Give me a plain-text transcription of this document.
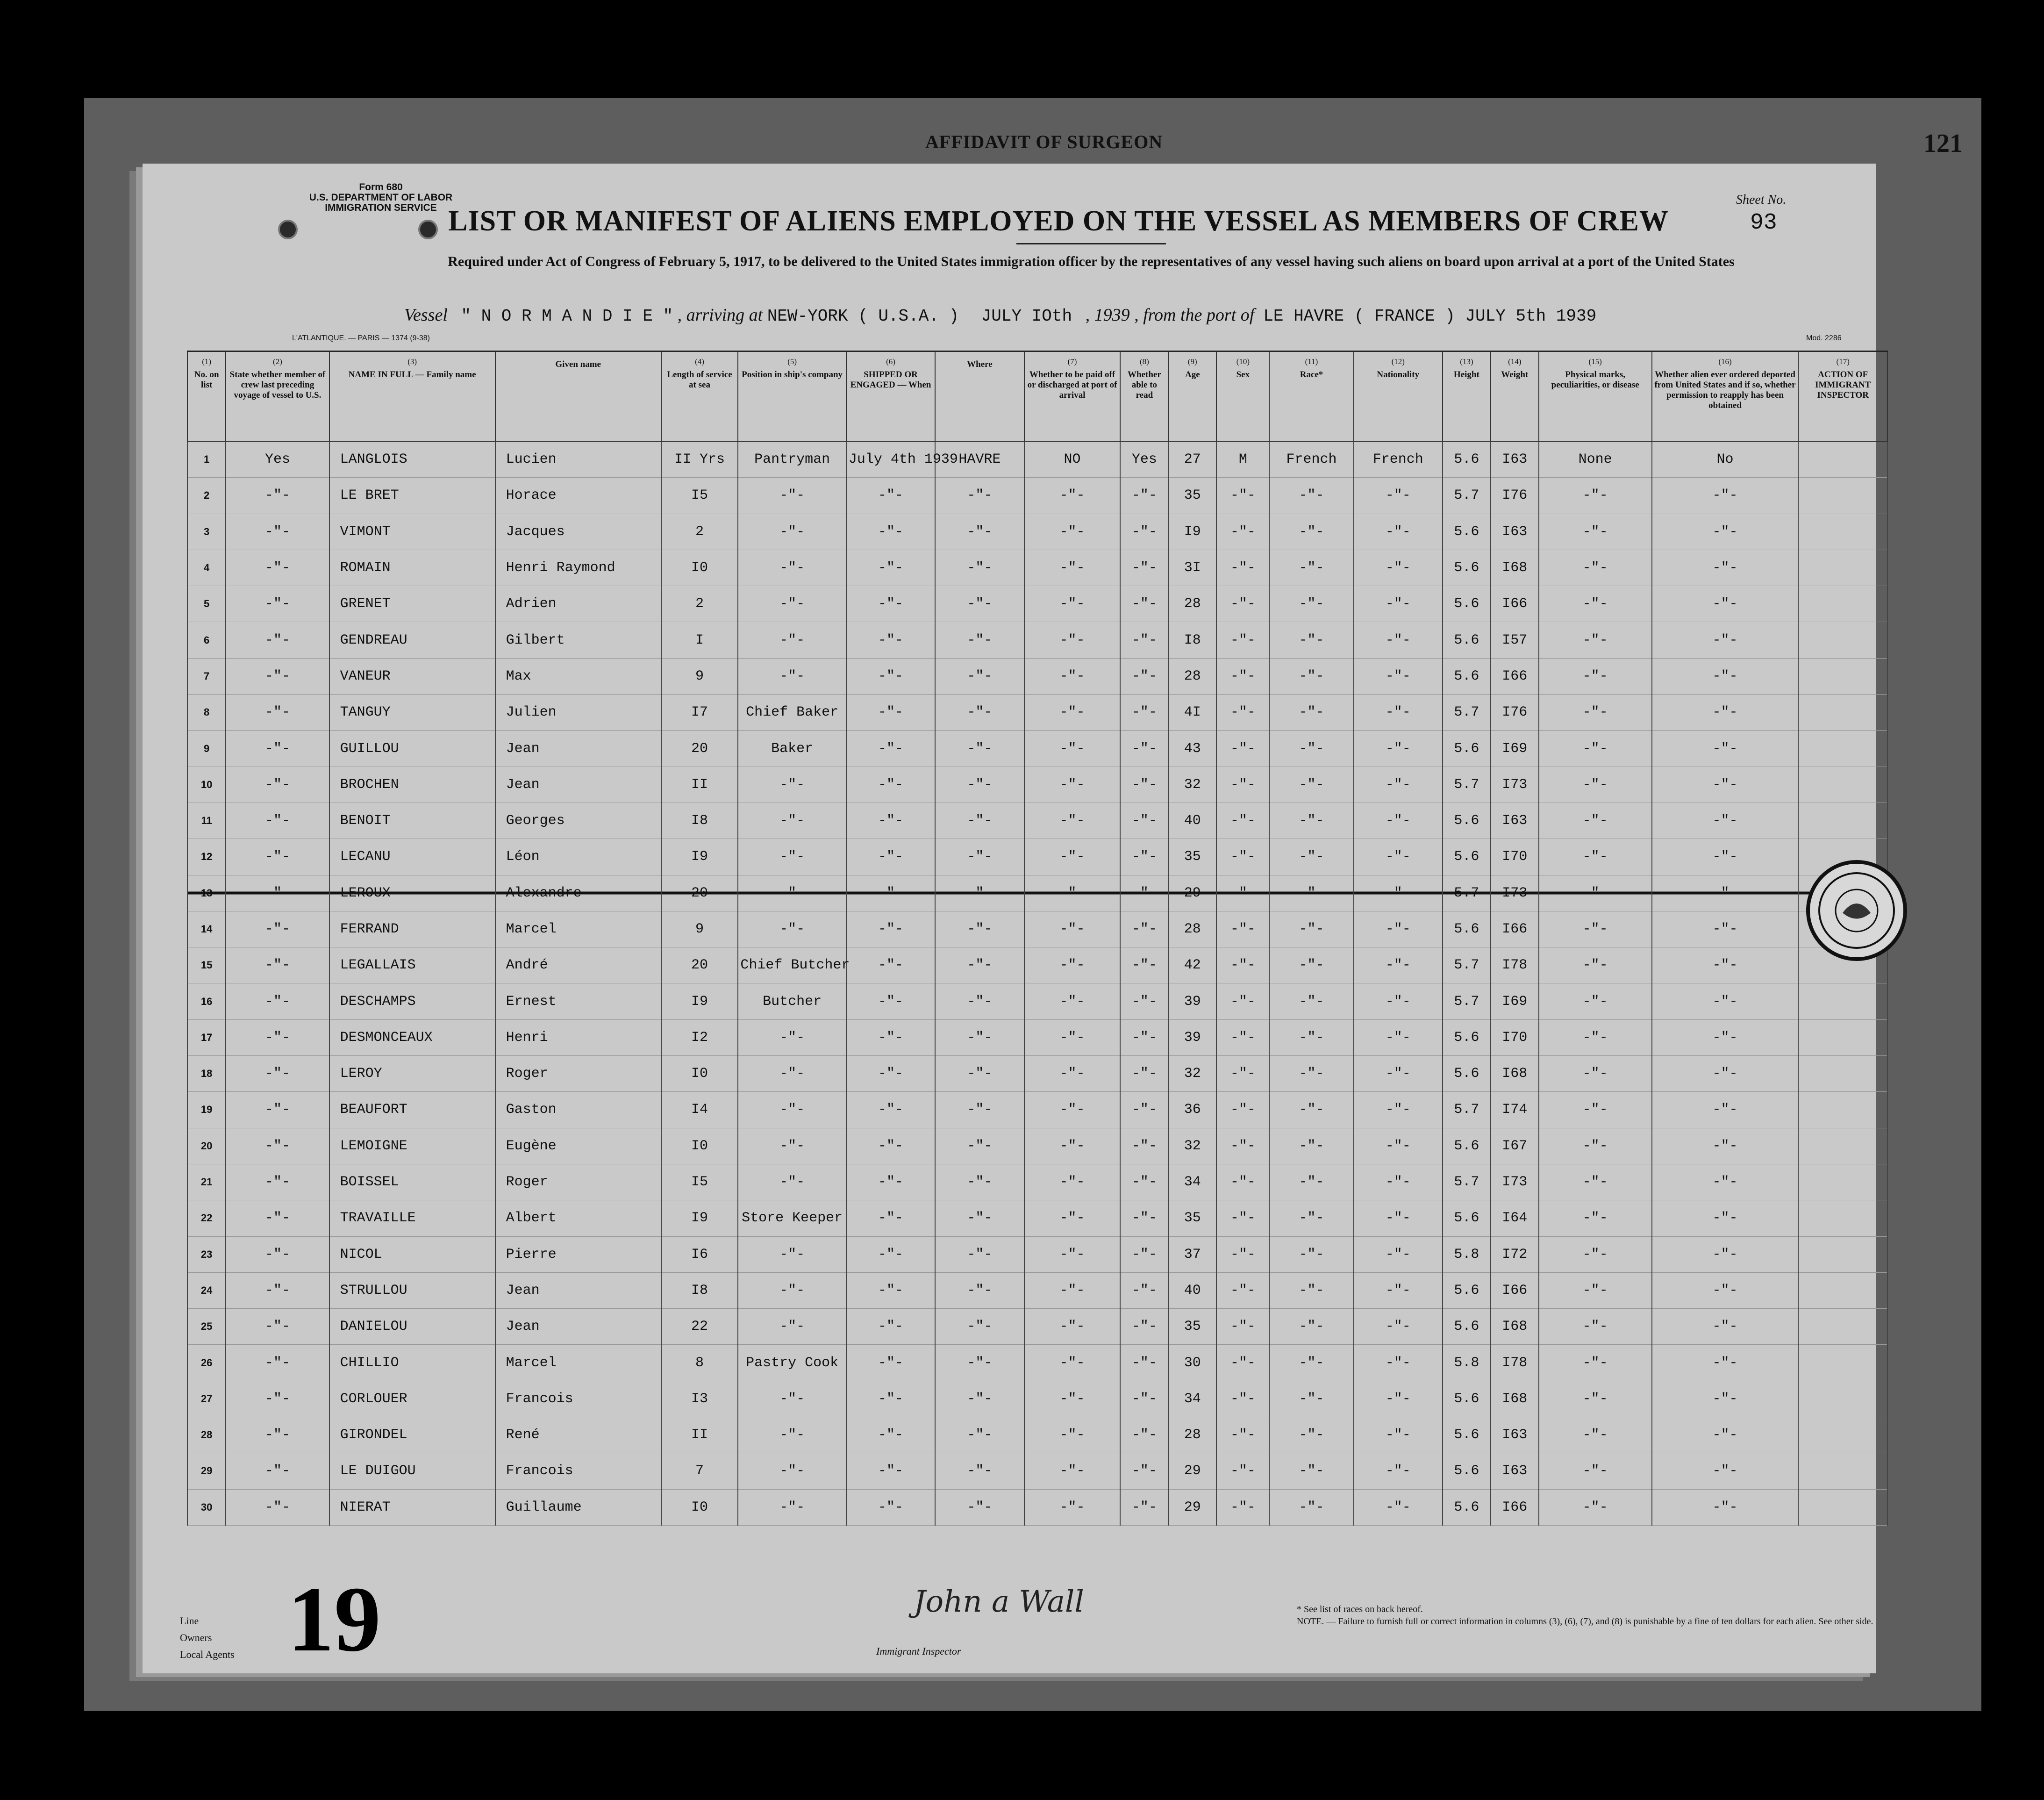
AFFIDAVIT OF SURGEON	121
Form 680
U.S. DEPARTMENT OF LABOR
IMMIGRATION SERVICE LIST OR MANIFEST OF ALIENS EMPLOYED ON THE VESSEL AS MEMBERS OF CREW
Sheet No.
93
Required under Act of Congress of February 5, 1917, to be delivered to the United States immigration officer by the representatives of any vessel having such aliens on board upon arrival at a port of the United States
Vessel " N O R M A N D I E " , arriving at NEW-YORK ( U.S.A. ) JULY IOth , 1939 , from the port of LE HAVRE ( FRANCE ) JULY 5th 1939
L'ATLANTIQUE. — PARIS — 1374 (9-38)	Mod. 2286
(1)
No. on list	(2)
State whether member of crew last preceding voyage of vessel to U.S.	(3)
NAME IN FULL — Family name	Given name	(4)
Length of service at sea	(5)
Position in ship's company	(6)
SHIPPED OR ENGAGED — When	Where	(7)
Whether to be paid off or discharged at port of arrival	(8)
Whether able to read	(9)
Age	(10)
Sex	(11)
Race*	(12)
Nationality	(13)
Height	(14)
Weight	(15)
Physical marks, peculiarities, or disease	(16)
Whether alien ever ordered deported from United States and if so, whether permission to reapply has been obtained	(17)
ACTION OF IMMIGRANT INSPECTOR
1	Yes	LANGLOIS	Lucien	II Yrs	Pantryman	July 4th 1939	HAVRE	NO	Yes	27	M	French	French	5.6	I63	None	No	
2	-"-	LE BRET	Horace	I5	-"-	-"-	-"-	-"-	-"-	35	-"-	-"-	-"-	5.7	I76	-"-	-"-	
3	-"-	VIMONT	Jacques	2	-"-	-"-	-"-	-"-	-"-	I9	-"-	-"-	-"-	5.6	I63	-"-	-"-	
4	-"-	ROMAIN	Henri Raymond	I0	-"-	-"-	-"-	-"-	-"-	3I	-"-	-"-	-"-	5.6	I68	-"-	-"-	
5	-"-	GRENET	Adrien	2	-"-	-"-	-"-	-"-	-"-	28	-"-	-"-	-"-	5.6	I66	-"-	-"-	
6	-"-	GENDREAU	Gilbert	I	-"-	-"-	-"-	-"-	-"-	I8	-"-	-"-	-"-	5.6	I57	-"-	-"-	
7	-"-	VANEUR	Max	9	-"-	-"-	-"-	-"-	-"-	28	-"-	-"-	-"-	5.6	I66	-"-	-"-	
8	-"-	TANGUY	Julien	I7	Chief Baker	-"-	-"-	-"-	-"-	4I	-"-	-"-	-"-	5.7	I76	-"-	-"-	
9	-"-	GUILLOU	Jean	20	Baker	-"-	-"-	-"-	-"-	43	-"-	-"-	-"-	5.6	I69	-"-	-"-	
10	-"-	BROCHEN	Jean	II	-"-	-"-	-"-	-"-	-"-	32	-"-	-"-	-"-	5.7	I73	-"-	-"-	
11	-"-	BENOIT	Georges	I8	-"-	-"-	-"-	-"-	-"-	40	-"-	-"-	-"-	5.6	I63	-"-	-"-	
12	-"-	LECANU	Léon	I9	-"-	-"-	-"-	-"-	-"-	35	-"-	-"-	-"-	5.6	I70	-"-	-"-	
13	-"-	LEROUX	Alexandre	20	-"-	-"-	-"-	-"-	-"-	29	-"-	-"-	-"-	5.7	I73	-"-	-"-	
14	-"-	FERRAND	Marcel	9	-"-	-"-	-"-	-"-	-"-	28	-"-	-"-	-"-	5.6	I66	-"-	-"-	
15	-"-	LEGALLAIS	André	20	Chief Butcher	-"-	-"-	-"-	-"-	42	-"-	-"-	-"-	5.7	I78	-"-	-"-	
16	-"-	DESCHAMPS	Ernest	I9	Butcher	-"-	-"-	-"-	-"-	39	-"-	-"-	-"-	5.7	I69	-"-	-"-	
17	-"-	DESMONCEAUX	Henri	I2	-"-	-"-	-"-	-"-	-"-	39	-"-	-"-	-"-	5.6	I70	-"-	-"-	
18	-"-	LEROY	Roger	I0	-"-	-"-	-"-	-"-	-"-	32	-"-	-"-	-"-	5.6	I68	-"-	-"-	
19	-"-	BEAUFORT	Gaston	I4	-"-	-"-	-"-	-"-	-"-	36	-"-	-"-	-"-	5.7	I74	-"-	-"-	
20	-"-	LEMOIGNE	Eugène	I0	-"-	-"-	-"-	-"-	-"-	32	-"-	-"-	-"-	5.6	I67	-"-	-"-	
21	-"-	BOISSEL	Roger	I5	-"-	-"-	-"-	-"-	-"-	34	-"-	-"-	-"-	5.7	I73	-"-	-"-	
22	-"-	TRAVAILLE	Albert	I9	Store Keeper	-"-	-"-	-"-	-"-	35	-"-	-"-	-"-	5.6	I64	-"-	-"-	
23	-"-	NICOL	Pierre	I6	-"-	-"-	-"-	-"-	-"-	37	-"-	-"-	-"-	5.8	I72	-"-	-"-	
24	-"-	STRULLOU	Jean	I8	-"-	-"-	-"-	-"-	-"-	40	-"-	-"-	-"-	5.6	I66	-"-	-"-	
25	-"-	DANIELOU	Jean	22	-"-	-"-	-"-	-"-	-"-	35	-"-	-"-	-"-	5.6	I68	-"-	-"-	
26	-"-	CHILLIO	Marcel	8	Pastry Cook	-"-	-"-	-"-	-"-	30	-"-	-"-	-"-	5.8	I78	-"-	-"-	
27	-"-	CORLOUER	Francois	I3	-"-	-"-	-"-	-"-	-"-	34	-"-	-"-	-"-	5.6	I68	-"-	-"-	
28	-"-	GIRONDEL	René	II	-"-	-"-	-"-	-"-	-"-	28	-"-	-"-	-"-	5.6	I63	-"-	-"-	
29	-"-	LE DUIGOU	Francois	7	-"-	-"-	-"-	-"-	-"-	29	-"-	-"-	-"-	5.6	I63	-"-	-"-	
30	-"-	NIERAT	Guillaume	I0	-"-	-"-	-"-	-"-	-"-	29	-"-	-"-	-"-	5.6	I66	-"-	-"-	
19
Line
Owners
Local Agents
John a Wall
Immigrant Inspector
* See list of races on back hereof.
NOTE. — Failure to furnish full or correct information in columns (3), (6), (7), and (8) is punishable by a fine of ten dollars for each alien. See other side.
